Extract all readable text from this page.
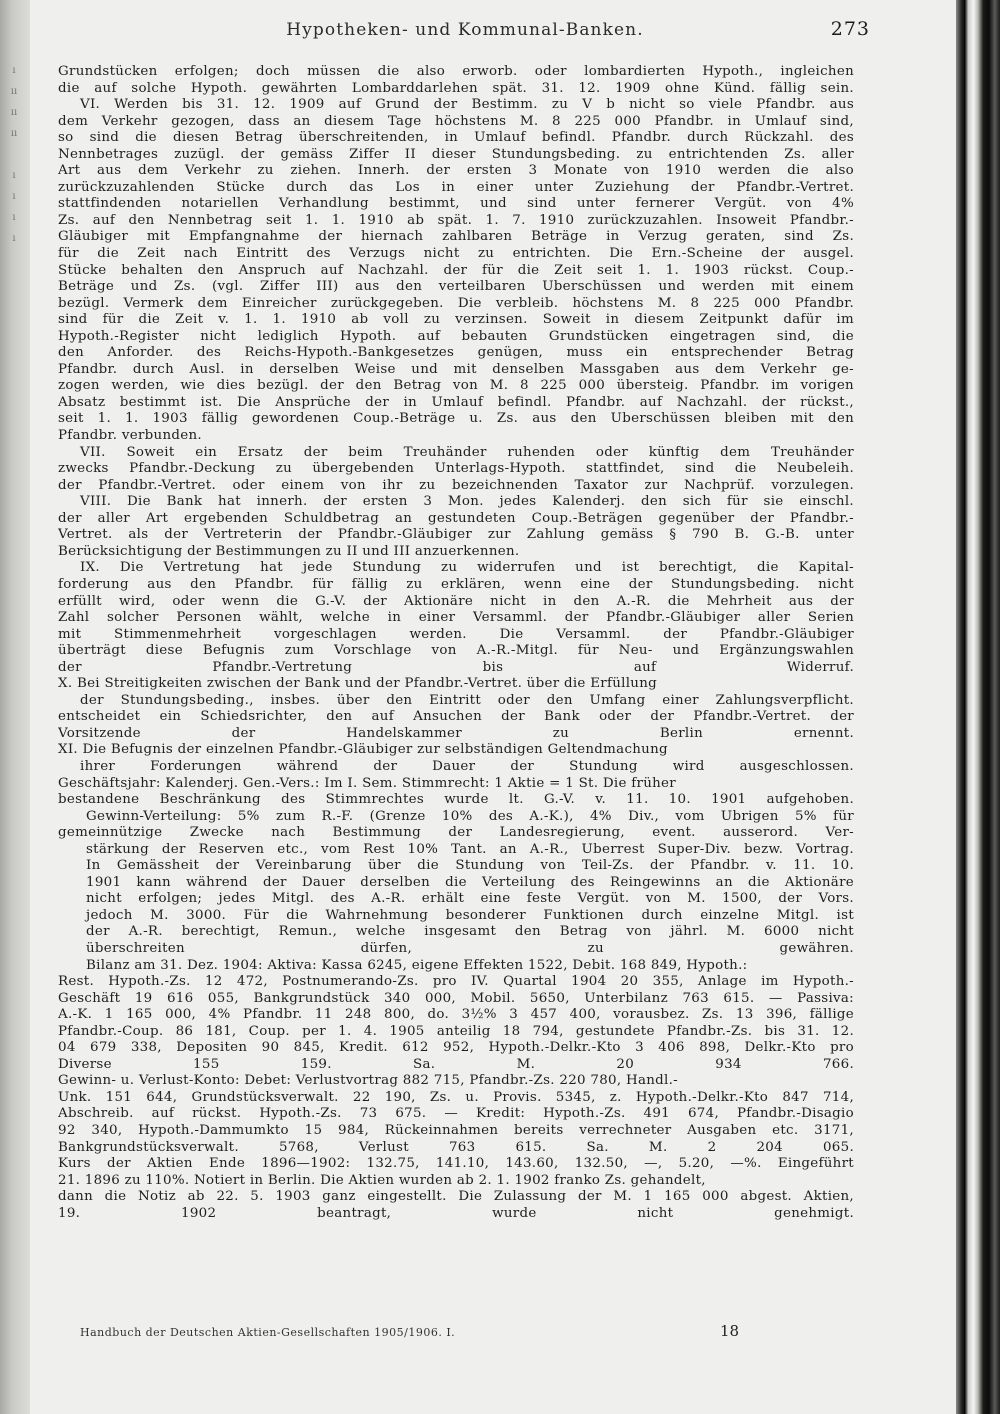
ı
ıı
ıı
ıı

ı
ı
ı
ı

Hypotheken- und Kommunal-Banken.	273
Grundstücken erfolgen; doch müssen die also erworb. oder lombardierten Hypoth., ingleichen
die auf solche Hypoth. gewährten Lombarddarlehen spät. 31. 12. 1909 ohne Künd. fällig sein.
VI. Werden bis 31. 12. 1909 auf Grund der Bestimm. zu V b nicht so viele Pfandbr. aus
dem Verkehr gezogen, dass an diesem Tage höchstens M. 8 225 000 Pfandbr. in Umlauf sind,
so sind die diesen Betrag überschreitenden, in Umlauf befindl. Pfandbr. durch Rückzahl. des
Nennbetrages zuzügl. der gemäss Ziffer II dieser Stundungsbeding. zu entrichtenden Zs. aller
Art aus dem Verkehr zu ziehen. Innerh. der ersten 3 Monate von 1910 werden die also
zurückzuzahlenden Stücke durch das Los in einer unter Zuziehung der Pfandbr.-Vertret.
stattfindenden notariellen Verhandlung bestimmt, und sind unter fernerer Vergüt. von 4%
Zs. auf den Nennbetrag seit 1. 1. 1910 ab spät. 1. 7. 1910 zurückzuzahlen. Insoweit Pfandbr.-
Gläubiger mit Empfangnahme der hiernach zahlbaren Beträge in Verzug geraten, sind Zs.
für die Zeit nach Eintritt des Verzugs nicht zu entrichten. Die Ern.-Scheine der ausgel.
Stücke behalten den Anspruch auf Nachzahl. der für die Zeit seit 1. 1. 1903 rückst. Coup.-
Beträge und Zs. (vgl. Ziffer III) aus den verteilbaren Überschüssen und werden mit einem
bezügl. Vermerk dem Einreicher zurückgegeben. Die verbleib. höchstens M. 8 225 000 Pfandbr.
sind für die Zeit v. 1. 1. 1910 ab voll zu verzinsen. Soweit in diesem Zeitpunkt dafür im
Hypoth.-Register nicht lediglich Hypoth. auf bebauten Grundstücken eingetragen sind, die
den Anforder. des Reichs-Hypoth.-Bankgesetzes genügen, muss ein entsprechender Betrag
Pfandbr. durch Ausl. in derselben Weise und mit denselben Massgaben aus dem Verkehr ge-
zogen werden, wie dies bezügl. der den Betrag von M. 8 225 000 übersteig. Pfandbr. im vorigen
Absatz bestimmt ist. Die Ansprüche der in Umlauf befindl. Pfandbr. auf Nachzahl. der rückst.,
seit 1. 1. 1903 fällig gewordenen Coup.-Beträge u. Zs. aus den Überschüssen bleiben mit den
Pfandbr. verbunden.
VII. Soweit ein Ersatz der beim Treuhänder ruhenden oder künftig dem Treuhänder
zwecks Pfandbr.-Deckung zu übergebenden Unterlags-Hypoth. stattfindet, sind die Neubeleih.
der Pfandbr.-Vertret. oder einem von ihr zu bezeichnenden Taxator zur Nachprüf. vorzulegen.
VIII. Die Bank hat innerh. der ersten 3 Mon. jedes Kalenderj. den sich für sie einschl.
der aller Art ergebenden Schuldbetrag an gestundeten Coup.-Beträgen gegenüber der Pfandbr.-
Vertret. als der Vertreterin der Pfandbr.-Gläubiger zur Zahlung gemäss § 790 B. G.-B. unter
Berücksichtigung der Bestimmungen zu II und III anzuerkennen.
IX. Die Vertretung hat jede Stundung zu widerrufen und ist berechtigt, die Kapital-
forderung aus den Pfandbr. für fällig zu erklären, wenn eine der Stundungsbeding. nicht
erfüllt wird, oder wenn die G.-V. der Aktionäre nicht in den A.-R. die Mehrheit aus der
Zahl solcher Personen wählt, welche in einer Versamml. der Pfandbr.-Gläubiger aller Serien
mit Stimmenmehrheit vorgeschlagen werden. Die Versamml. der Pfandbr.-Gläubiger
überträgt diese Befugnis zum Vorschlage von A.-R.-Mitgl. für Neu- und Ergänzungswahlen
der Pfandbr.-Vertretung bis auf Widerruf.
X. Bei Streitigkeiten zwischen der Bank und der Pfandbr.-Vertret. über die Erfüllung
der Stundungsbeding., insbes. über den Eintritt oder den Umfang einer Zahlungsverpflicht.
entscheidet ein Schiedsrichter, den auf Ansuchen der Bank oder der Pfandbr.-Vertret. der
Vorsitzende der Handelskammer zu Berlin ernennt.
XI. Die Befugnis der einzelnen Pfandbr.-Gläubiger zur selbständigen Geltendmachung
ihrer Forderungen während der Dauer der Stundung wird ausgeschlossen.
Geschäftsjahr: Kalenderj. Gen.-Vers.: Im I. Sem. Stimmrecht: 1 Aktie = 1 St. Die früher
bestandene Beschränkung des Stimmrechtes wurde lt. G.-V. v. 11. 10. 1901 aufgehoben.
Gewinn-Verteilung: 5% zum R.-F. (Grenze 10% des A.-K.), 4% Div., vom Übrigen 5% für
gemeinnützige Zwecke nach Bestimmung der Landesregierung, event. ausserord. Ver-
stärkung der Reserven etc., vom Rest 10% Tant. an A.-R., Überrest Super-Div. bezw. Vortrag.
In Gemässheit der Vereinbarung über die Stundung von Teil-Zs. der Pfandbr. v. 11. 10.
1901 kann während der Dauer derselben die Verteilung des Reingewinns an die Aktionäre
nicht erfolgen; jedes Mitgl. des A.-R. erhält eine feste Vergüt. von M. 1500, der Vors.
jedoch M. 3000. Für die Wahrnehmung besonderer Funktionen durch einzelne Mitgl. ist
der A.-R. berechtigt, Remun., welche insgesamt den Betrag von jährl. M. 6000 nicht
überschreiten dürfen, zu gewähren.
Bilanz am 31. Dez. 1904: Aktiva: Kassa 6245, eigene Effekten 1522, Debit. 168 849, Hypoth.:
Rest. Hypoth.-Zs. 12 472, Postnumerando-Zs. pro IV. Quartal 1904 20 355, Anlage im Hypoth.-
Geschäft 19 616 055, Bankgrundstück 340 000, Mobil. 5650, Unterbilanz 763 615. — Passiva:
A.-K. 1 165 000, 4% Pfandbr. 11 248 800, do. 3½% 3 457 400, vorausbez. Zs. 13 396, fällige
Pfandbr.-Coup. 86 181, Coup. per 1. 4. 1905 anteilig 18 794, gestundete Pfandbr.-Zs. bis 31. 12.
04 679 338, Depositen 90 845, Kredit. 612 952, Hypoth.-Delkr.-Kto 3 406 898, Delkr.-Kto pro
Diverse 155 159. Sa. M. 20 934 766.
Gewinn- u. Verlust-Konto: Debet: Verlustvortrag 882 715, Pfandbr.-Zs. 220 780, Handl.-
Unk. 151 644, Grundstücksverwalt. 22 190, Zs. u. Provis. 5345, z. Hypoth.-Delkr.-Kto 847 714,
Abschreib. auf rückst. Hypoth.-Zs. 73 675. — Kredit: Hypoth.-Zs. 491 674, Pfandbr.-Disagio
92 340, Hypoth.-Dammumkto 15 984, Rückeinnahmen bereits verrechneter Ausgaben etc. 3171,
Bankgrundstücksverwalt. 5768, Verlust 763 615. Sa. M. 2 204 065.
Kurs der Aktien Ende 1896—1902: 132.75, 141.10, 143.60, 132.50, —, 5.20, —%. Eingeführt
21. 1896 zu 110%. Notiert in Berlin. Die Aktien wurden ab 2. 1. 1902 franko Zs. gehandelt,
dann die Notiz ab 22. 5. 1903 ganz eingestellt. Die Zulassung der M. 1 165 000 abgest. Aktien,
19. 1902 beantragt, wurde nicht genehmigt.
Handbuch der Deutschen Aktien-Gesellschaften 1905/1906. I.	18
